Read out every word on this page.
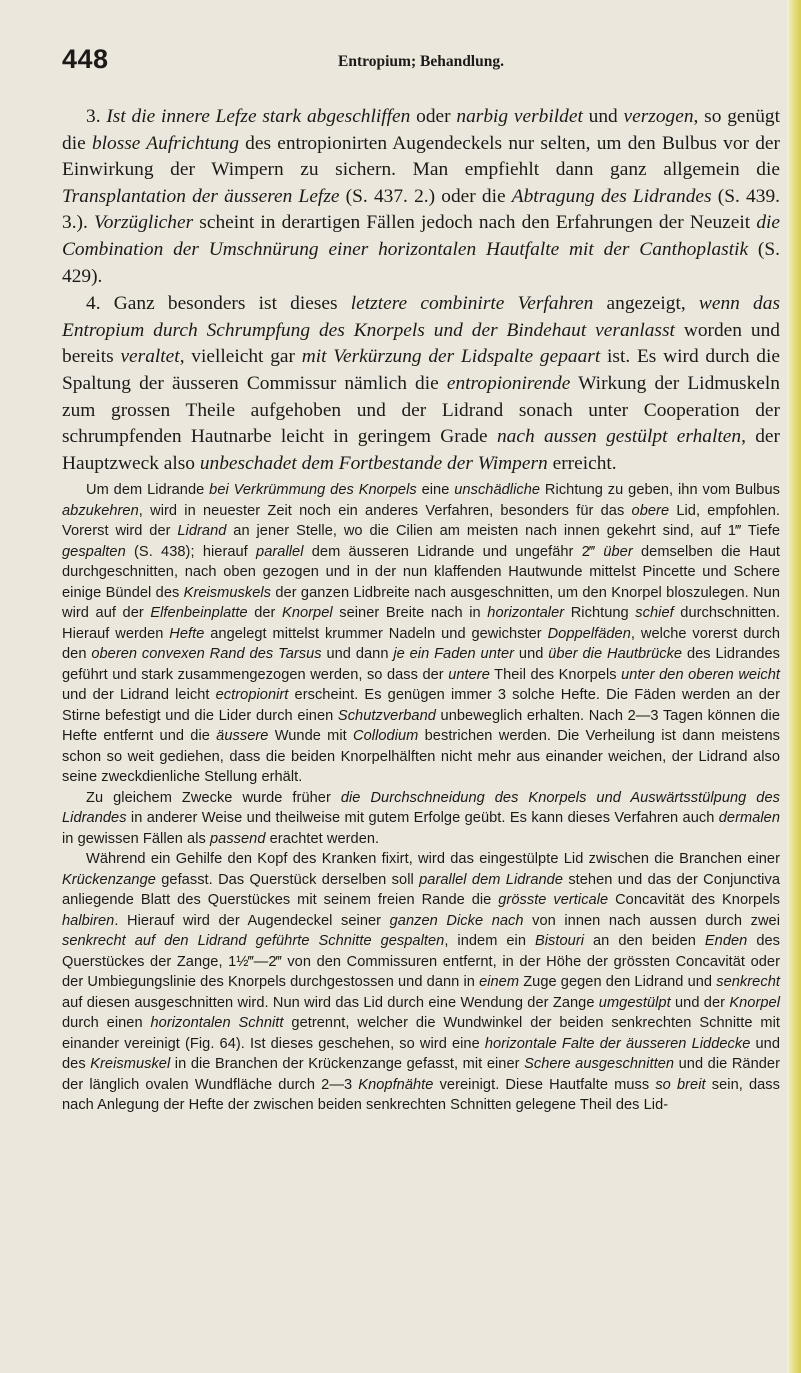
448	Entropium; Behandlung.

3. Ist die innere Lefze stark abgeschliffen oder narbig verbildet und verzogen, so genügt die blosse Aufrichtung des entropionirten Augendeckels nur selten, um den Bulbus vor der Einwirkung der Wimpern zu sichern. Man empfiehlt dann ganz allgemein die Transplantation der äusseren Lefze (S. 437. 2.) oder die Abtragung des Lidrandes (S. 439. 3.). Vorzüglicher scheint in derartigen Fällen jedoch nach den Erfahrungen der Neuzeit die Combination der Umschnürung einer horizontalen Hautfalte mit der Canthoplastik (S. 429).

4. Ganz besonders ist dieses letztere combinirte Verfahren angezeigt, wenn das Entropium durch Schrumpfung des Knorpels und der Bindehaut veranlasst worden und bereits veraltet, vielleicht gar mit Verkürzung der Lidspalte gepaart ist. Es wird durch die Spaltung der äusseren Commissur nämlich die entropionirende Wirkung der Lidmuskeln zum grossen Theile aufgehoben und der Lidrand sonach unter Cooperation der schrumpfenden Hautnarbe leicht in geringem Grade nach aussen gestülpt erhalten, der Hauptzweck also unbeschadet dem Fortbestande der Wimpern erreicht.

Um dem Lidrande bei Verkrümmung des Knorpels eine unschädliche Richtung zu geben, ihn vom Bulbus abzukehren, wird in neuester Zeit noch ein anderes Verfahren, besonders für das obere Lid, empfohlen. Vorerst wird der Lidrand an jener Stelle, wo die Cilien am meisten nach innen gekehrt sind, auf 1‴ Tiefe gespalten (S. 438); hierauf parallel dem äusseren Lidrande und ungefähr 2‴ über demselben die Haut durchgeschnitten, nach oben gezogen und in der nun klaffenden Hautwunde mittelst Pincette und Schere einige Bündel des Kreismuskels der ganzen Lidbreite nach ausgeschnitten, um den Knorpel bloszulegen. Nun wird auf der Elfenbeinplatte der Knorpel seiner Breite nach in horizontaler Richtung schief durchschnitten. Hierauf werden Hefte angelegt mittelst krummer Nadeln und gewichster Doppelfäden, welche vorerst durch den oberen convexen Rand des Tarsus und dann je ein Faden unter und über die Hautbrücke des Lidrandes geführt und stark zusammengezogen werden, so dass der untere Theil des Knorpels unter den oberen weicht und der Lidrand leicht ectropionirt erscheint. Es genügen immer 3 solche Hefte. Die Fäden werden an der Stirne befestigt und die Lider durch einen Schutzverband unbeweglich erhalten. Nach 2—3 Tagen können die Hefte entfernt und die äussere Wunde mit Collodium bestrichen werden. Die Verheilung ist dann meistens schon so weit gediehen, dass die beiden Knorpelhälften nicht mehr aus einander weichen, der Lidrand also seine zweckdienliche Stellung erhält.

Zu gleichem Zwecke wurde früher die Durchschneidung des Knorpels und Auswärtsstülpung des Lidrandes in anderer Weise und theilweise mit gutem Erfolge geübt. Es kann dieses Verfahren auch dermalen in gewissen Fällen als passend erachtet werden.

Während ein Gehilfe den Kopf des Kranken fixirt, wird das eingestülpte Lid zwischen die Branchen einer Krückenzange gefasst. Das Querstück derselben soll parallel dem Lidrande stehen und das der Conjunctiva anliegende Blatt des Querstückes mit seinem freien Rande die grösste verticale Concavität des Knorpels halbiren. Hierauf wird der Augendeckel seiner ganzen Dicke nach von innen nach aussen durch zwei senkrecht auf den Lidrand geführte Schnitte gespalten, indem ein Bistouri an den beiden Enden des Querstückes der Zange, 1½‴—2‴ von den Commissuren entfernt, in der Höhe der grössten Concavität oder der Umbiegungslinie des Knorpels durchgestossen und dann in einem Zuge gegen den Lidrand und senkrecht auf diesen ausgeschnitten wird. Nun wird das Lid durch eine Wendung der Zange umgestülpt und der Knorpel durch einen horizontalen Schnitt getrennt, welcher die Wundwinkel der beiden senkrechten Schnitte mit einander vereinigt (Fig. 64). Ist dieses geschehen, so wird eine horizontale Falte der äusseren Liddecke und des Kreismuskel in die Branchen der Krückenzange gefasst, mit einer Schere ausgeschnitten und die Ränder der länglich ovalen Wundfläche durch 2—3 Knopfnähte vereinigt. Diese Hautfalte muss so breit sein, dass nach Anlegung der Hefte der zwischen beiden senkrechten Schnitten gelegene Theil des Lid-
